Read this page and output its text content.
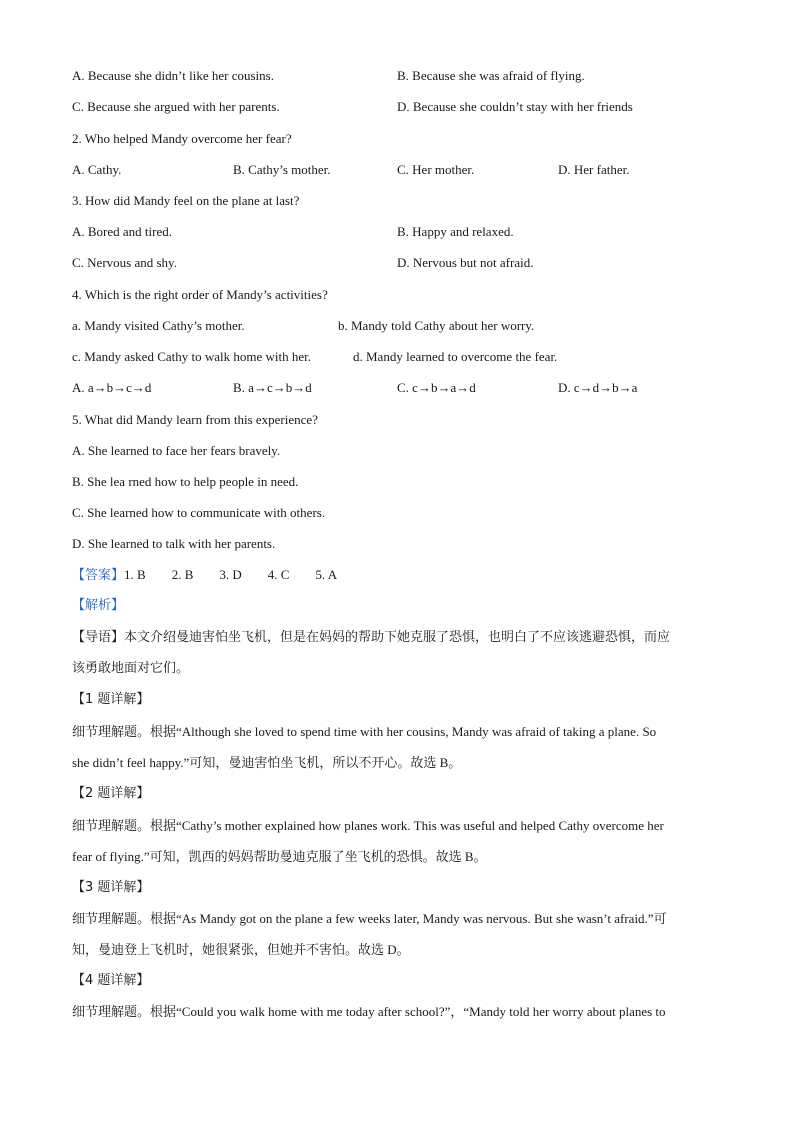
A. Because she didn’t like her cousins.	B. Because she was afraid of flying.
C. Because she argued with her parents.	D. Because she couldn’t stay with her friends
2. Who helped Mandy overcome her fear?
A. Cathy.	B. Cathy’s mother.	C. Her mother.	D. Her father.
3. How did Mandy feel on the plane at last?
A. Bored and tired.	B. Happy and relaxed.
C. Nervous and shy.	D. Nervous but not afraid.
4. Which is the right order of Mandy’s activities?
a. Mandy visited Cathy’s mother.	b. Mandy told Cathy about her worry.
c. Mandy asked Cathy to walk home with her.	d. Mandy learned to overcome the fear.
A. a→b→c→d	B. a→c→b→d	C. c→b→a→d	D. c→d→b→a
5. What did Mandy learn from this experience?
A. She learned to face her fears bravely.
B. She lea rned how to help people in need.
C. She learned how to communicate with others.
D. She learned to talk with her parents.
【答案】1. B 2. B 3. D 4. C 5. A
【解析】
【导语】本文介绍曼迪害怕坐飞机，但是在妈妈的帮助下她克服了恐惧，也明白了不应该逃避恐惧，而应
该勇敢地面对它们。
【1 题详解】
细节理解题。根据“Although she loved to spend time with her cousins, Mandy was afraid of taking a plane. So
she didn’t feel happy.”可知，曼迪害怕坐飞机，所以不开心。故选 B。
【2 题详解】
细节理解题。根据“Cathy’s mother explained how planes work. This was useful and helped Cathy overcome her
fear of flying.”可知，凯西的妈妈帮助曼迪克服了坐飞机的恐惧。故选 B。
【3 题详解】
细节理解题。根据“As Mandy got on the plane a few weeks later, Mandy was nervous. But she wasn’t afraid.”可
知，曼迪登上飞机时，她很紧张，但她并不害怕。故选 D。
【4 题详解】
细节理解题。根据“Could you walk home with me today after school?”，“Mandy told her worry about planes to
